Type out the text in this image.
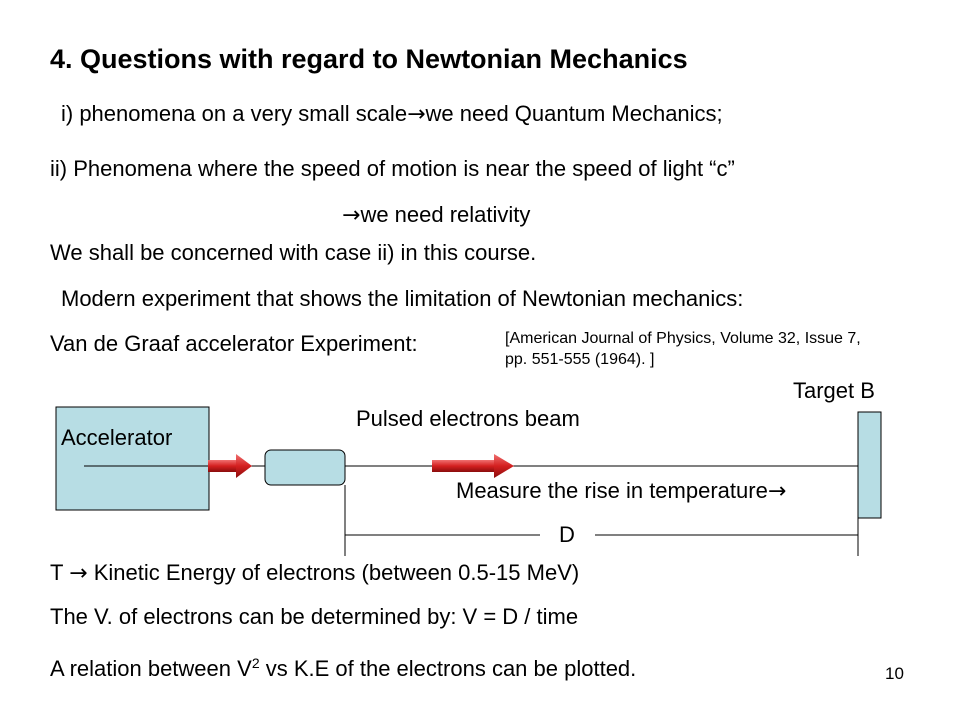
4. Questions with regard to Newtonian Mechanics
i) phenomena on a very small scale→we need Quantum Mechanics;
ii) Phenomena where the speed of motion is near the speed of light “c”
→we need relativity
We shall be concerned with case ii) in this course.
Modern experiment that shows the limitation of Newtonian mechanics:
Van de Graaf accelerator Experiment:	[American Journal of Physics, Volume 32, Issue 7, pp. 551-555 (1964). ]
Accelerator
Pulsed electrons beam
Target B
Measure the rise in temperature→
D
T → Kinetic Energy of electrons (between 0.5-15 MeV)
The V. of electrons can be determined by: V = D / time
A relation between $V^2$ vs K.E of the electrons can be plotted.	10
